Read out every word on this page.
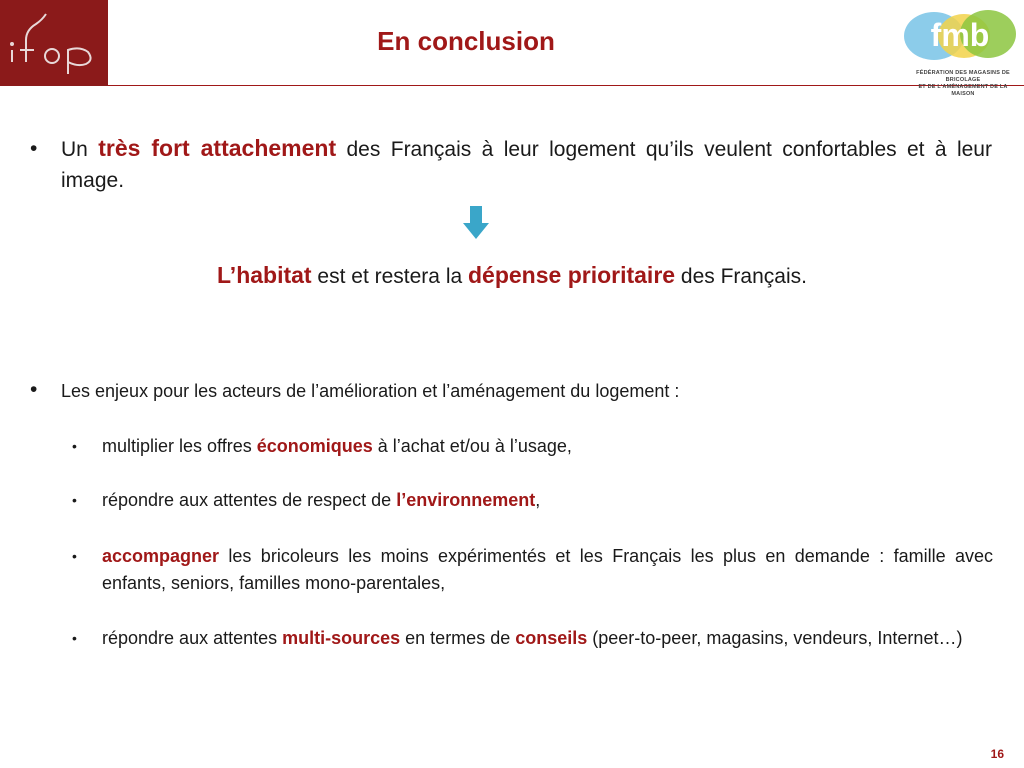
En conclusion	fmb
FÉDÉRATION DES MAGASINS DE BRICOLAGE
ET DE L'AMÉNAGEMENT DE LA MAISON
• Un très fort attachement des Français à leur logement qu’ils veulent confortables et à leur image.
L’habitat est et restera la dépense prioritaire des Français.
• Les enjeux pour les acteurs de l’amélioration et l’aménagement du logement :
• multiplier les offres économiques à l’achat et/ou à l’usage,
• répondre aux attentes de respect de l’environnement,
• accompagner les bricoleurs les moins expérimentés et les Français les plus en demande : famille avec enfants, seniors, familles mono-parentales,
• répondre aux attentes multi-sources en termes de conseils (peer-to-peer, magasins, vendeurs, Internet…)
16
